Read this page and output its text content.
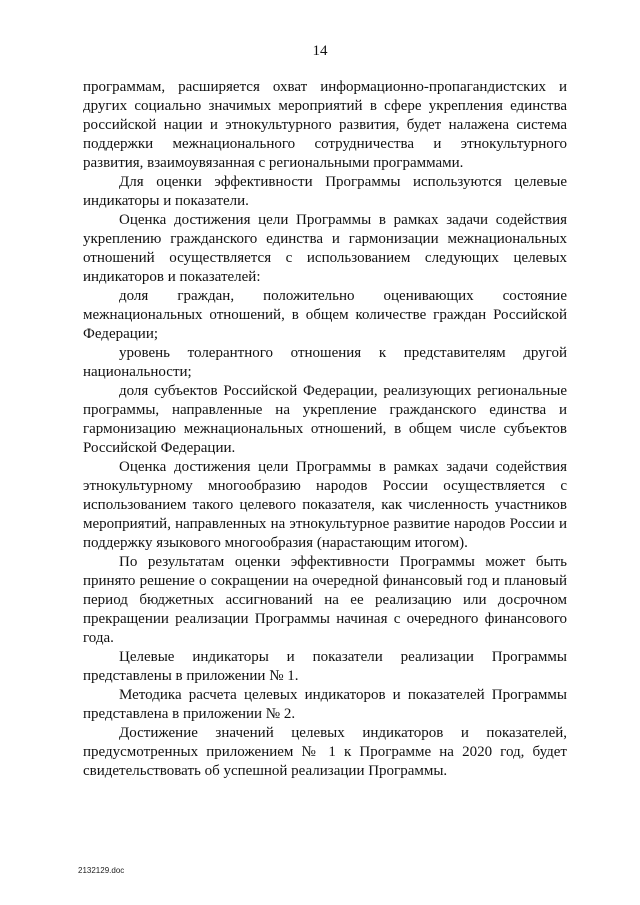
14

программам, расширяется охват информационно-пропагандистских и других социально значимых мероприятий в сфере укрепления единства российской нации и этнокультурного развития, будет налажена система поддержки межнационального сотрудничества и этнокультурного развития, взаимоувязанная с региональными программами.

Для оценки эффективности Программы используются целевые индикаторы и показатели.

Оценка достижения цели Программы в рамках задачи содействия укреплению гражданского единства и гармонизации межнациональных отношений осуществляется с использованием следующих целевых индикаторов и показателей:

доля граждан, положительно оценивающих состояние межнациональных отношений, в общем количестве граждан Российской Федерации;

уровень толерантного отношения к представителям другой национальности;

доля субъектов Российской Федерации, реализующих региональные программы, направленные на укрепление гражданского единства и гармонизацию межнациональных отношений, в общем числе субъектов Российской Федерации.

Оценка достижения цели Программы в рамках задачи содействия этнокультурному многообразию народов России осуществляется с использованием такого целевого показателя, как численность участников мероприятий, направленных на этнокультурное развитие народов России и поддержку языкового многообразия (нарастающим итогом).

По результатам оценки эффективности Программы может быть принято решение о сокращении на очередной финансовый год и плановый период бюджетных ассигнований на ее реализацию или досрочном прекращении реализации Программы начиная с очередного финансового года.

Целевые индикаторы и показатели реализации Программы представлены в приложении № 1.

Методика расчета целевых индикаторов и показателей Программы представлена в приложении № 2.

Достижение значений целевых индикаторов и показателей, предусмотренных приложением № 1 к Программе на 2020 год, будет свидетельствовать об успешной реализации Программы.

2132129.doc
